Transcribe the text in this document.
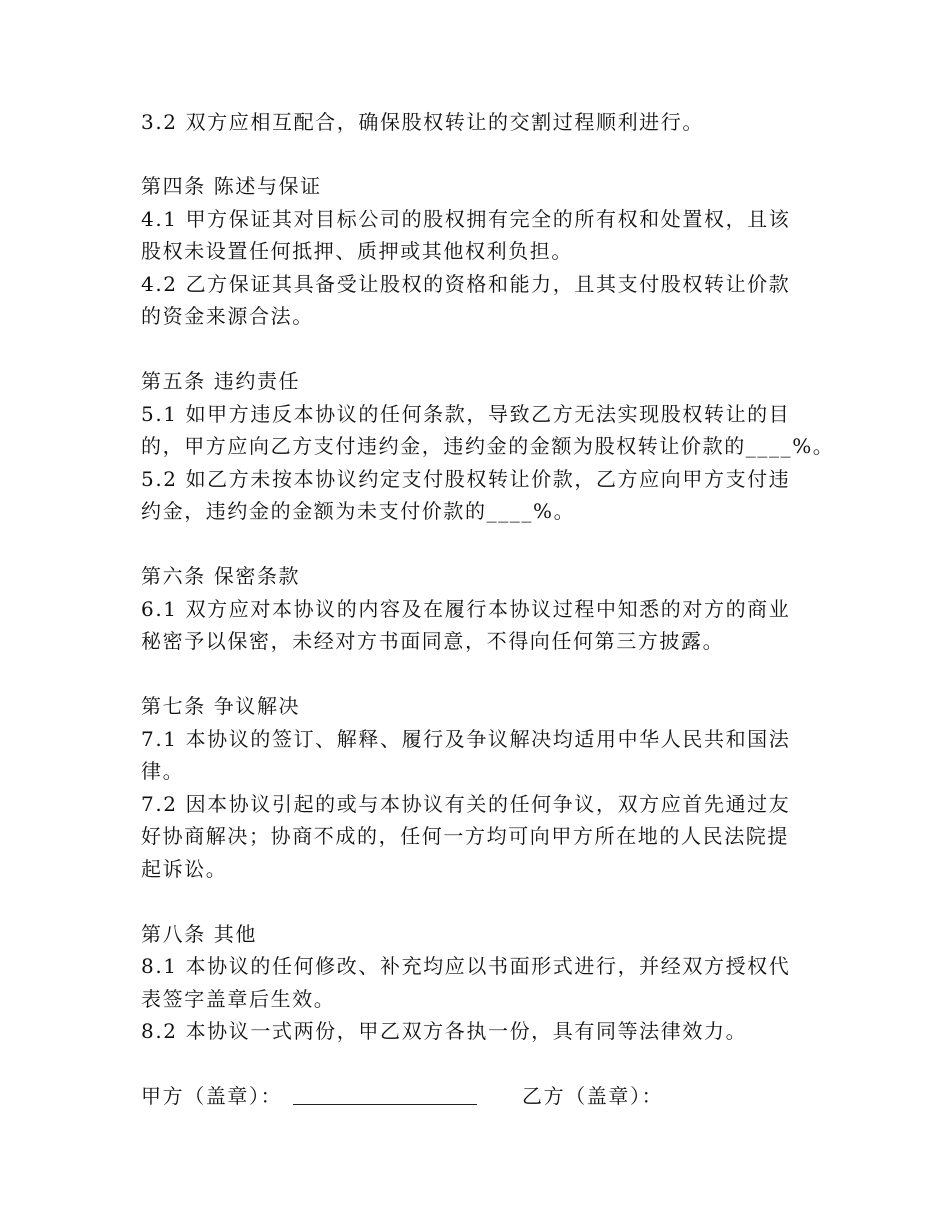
3.2 双方应相互配合，确保股权转让的交割过程顺利进行。
第四条 陈述与保证
4.1 甲方保证其对目标公司的股权拥有完全的所有权和处置权，且该
股权未设置任何抵押、质押或其他权利负担。
4.2 乙方保证其具备受让股权的资格和能力，且其支付股权转让价款
的资金来源合法。
第五条 违约责任
5.1 如甲方违反本协议的任何条款，导致乙方无法实现股权转让的目
的，甲方应向乙方支付违约金，违约金的金额为股权转让价款的____%。
5.2 如乙方未按本协议约定支付股权转让价款，乙方应向甲方支付违
约金，违约金的金额为未支付价款的____%。
第六条 保密条款
6.1 双方应对本协议的内容及在履行本协议过程中知悉的对方的商业
秘密予以保密，未经对方书面同意，不得向任何第三方披露。
第七条 争议解决
7.1 本协议的签订、解释、履行及争议解决均适用中华人民共和国法
律。
7.2 因本协议引起的或与本协议有关的任何争议，双方应首先通过友
好协商解决；协商不成的，任何一方均可向甲方所在地的人民法院提
起诉讼。
第八条 其他
8.1 本协议的任何修改、补充均应以书面形式进行，并经双方授权代
表签字盖章后生效。
8.2 本协议一式两份，甲乙双方各执一份，具有同等法律效力。
甲方（盖章）：	乙方（盖章）：
